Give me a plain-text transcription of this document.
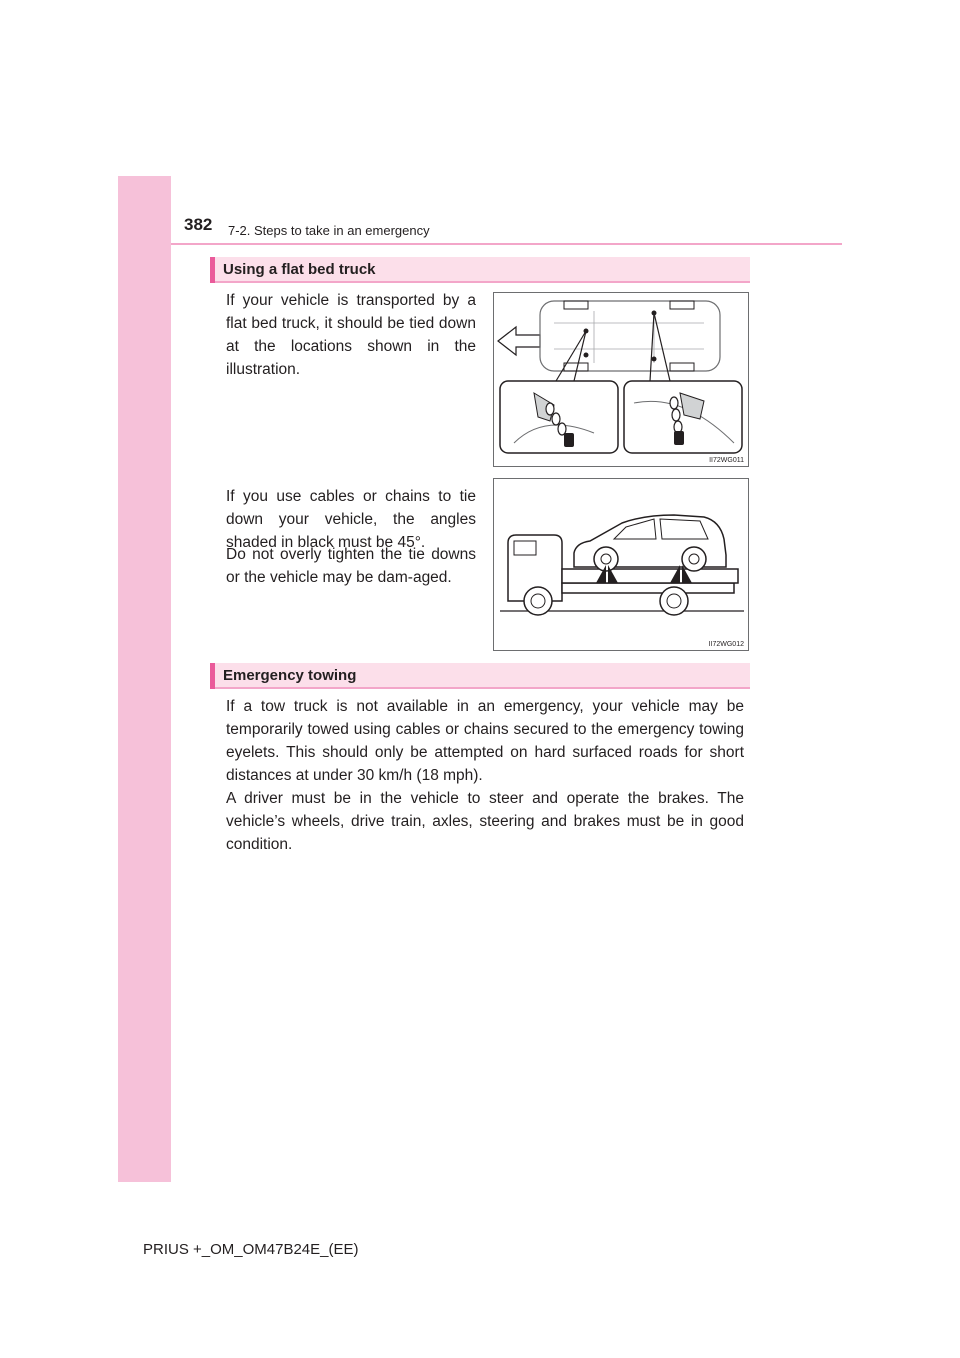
382 7-2. Steps to take in an emergency
Using a flat bed truck

If your vehicle is transported by a flat bed truck, it should be tied down at the locations shown in the illustration.

If you use cables or chains to tie down your vehicle, the angles shaded in black must be 45°.

Do not overly tighten the tie downs or the vehicle may be dam-aged.

II72WG011
II72WG012
Emergency towing

If a tow truck is not available in an emergency, your vehicle may be temporarily towed using cables or chains secured to the emergency towing eyelets. This should only be attempted on hard surfaced roads for short distances at under 30 km/h (18 mph).

A driver must be in the vehicle to steer and operate the brakes. The vehicle’s wheels, drive train, axles, steering and brakes must be in good condition.

PRIUS +_OM_OM47B24E_(EE)
